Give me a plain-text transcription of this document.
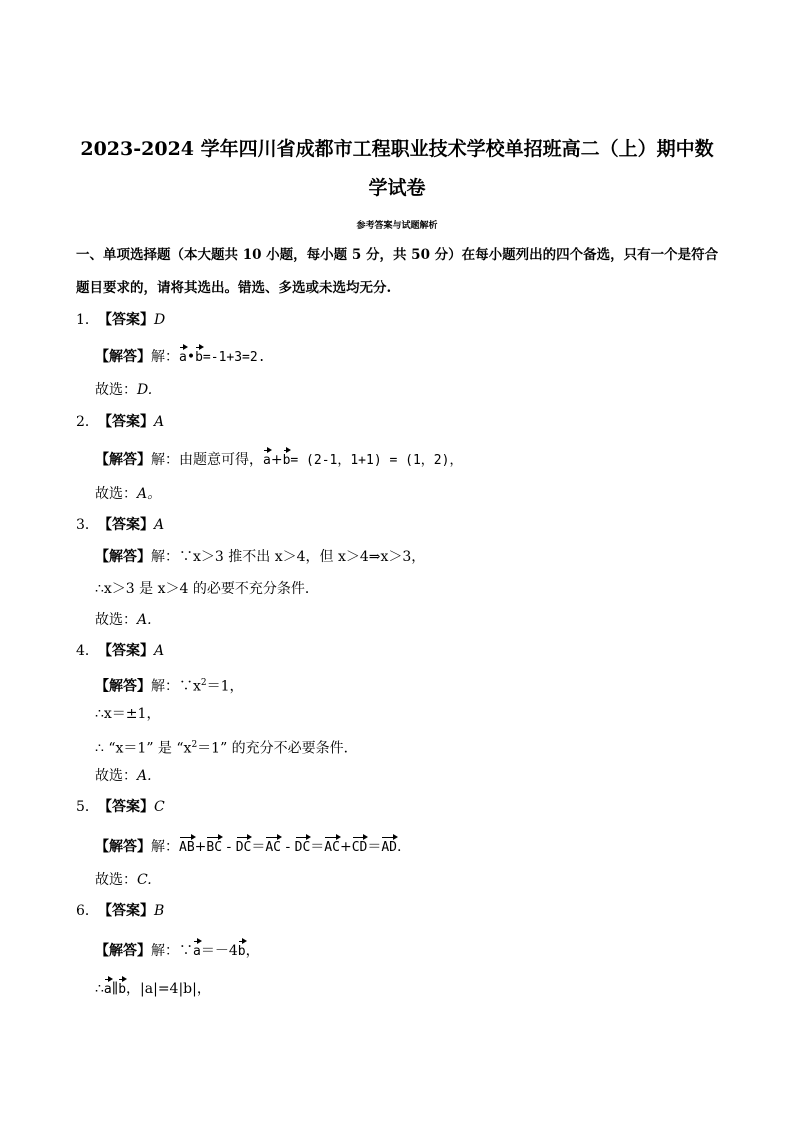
2023-2024 学年四川省成都市工程职业技术学校单招班高二（上）期中数
学试卷
参考答案与试题解析
一、单项选择题（本大题共 10 小题，每小题 5 分，共 50 分）在每小题列出的四个备选，只有一个是符合
题目要求的，请将其选出。错选、多选或未选均无分.
1．【答案】D
【解答】解：a•b=-1+3=2.
故选：D.
2．【答案】A
【解答】解：由题意可得，a+b= (2-1，1+1) = (1，2)，
故选：A。
3．【答案】A
【解答】解：∵x＞3 推不出 x＞4，但 x＞4⇒x＞3，
∴x＞3 是 x＞4 的必要不充分条件．
故选：A.
4．【答案】A
【解答】解：$\because x^2=1$，
∴x＝±1，
∴ “x＝1” 是 “$x^2=1$” 的充分不必要条件．
故选：A.
5．【答案】C
【解答】解：AB+BC - DC＝AC - DC＝AC+CD＝AD.
故选：C.
6．【答案】B
【解答】解：∵a＝－4b，
∴a∥b，|a|=4|b|，
